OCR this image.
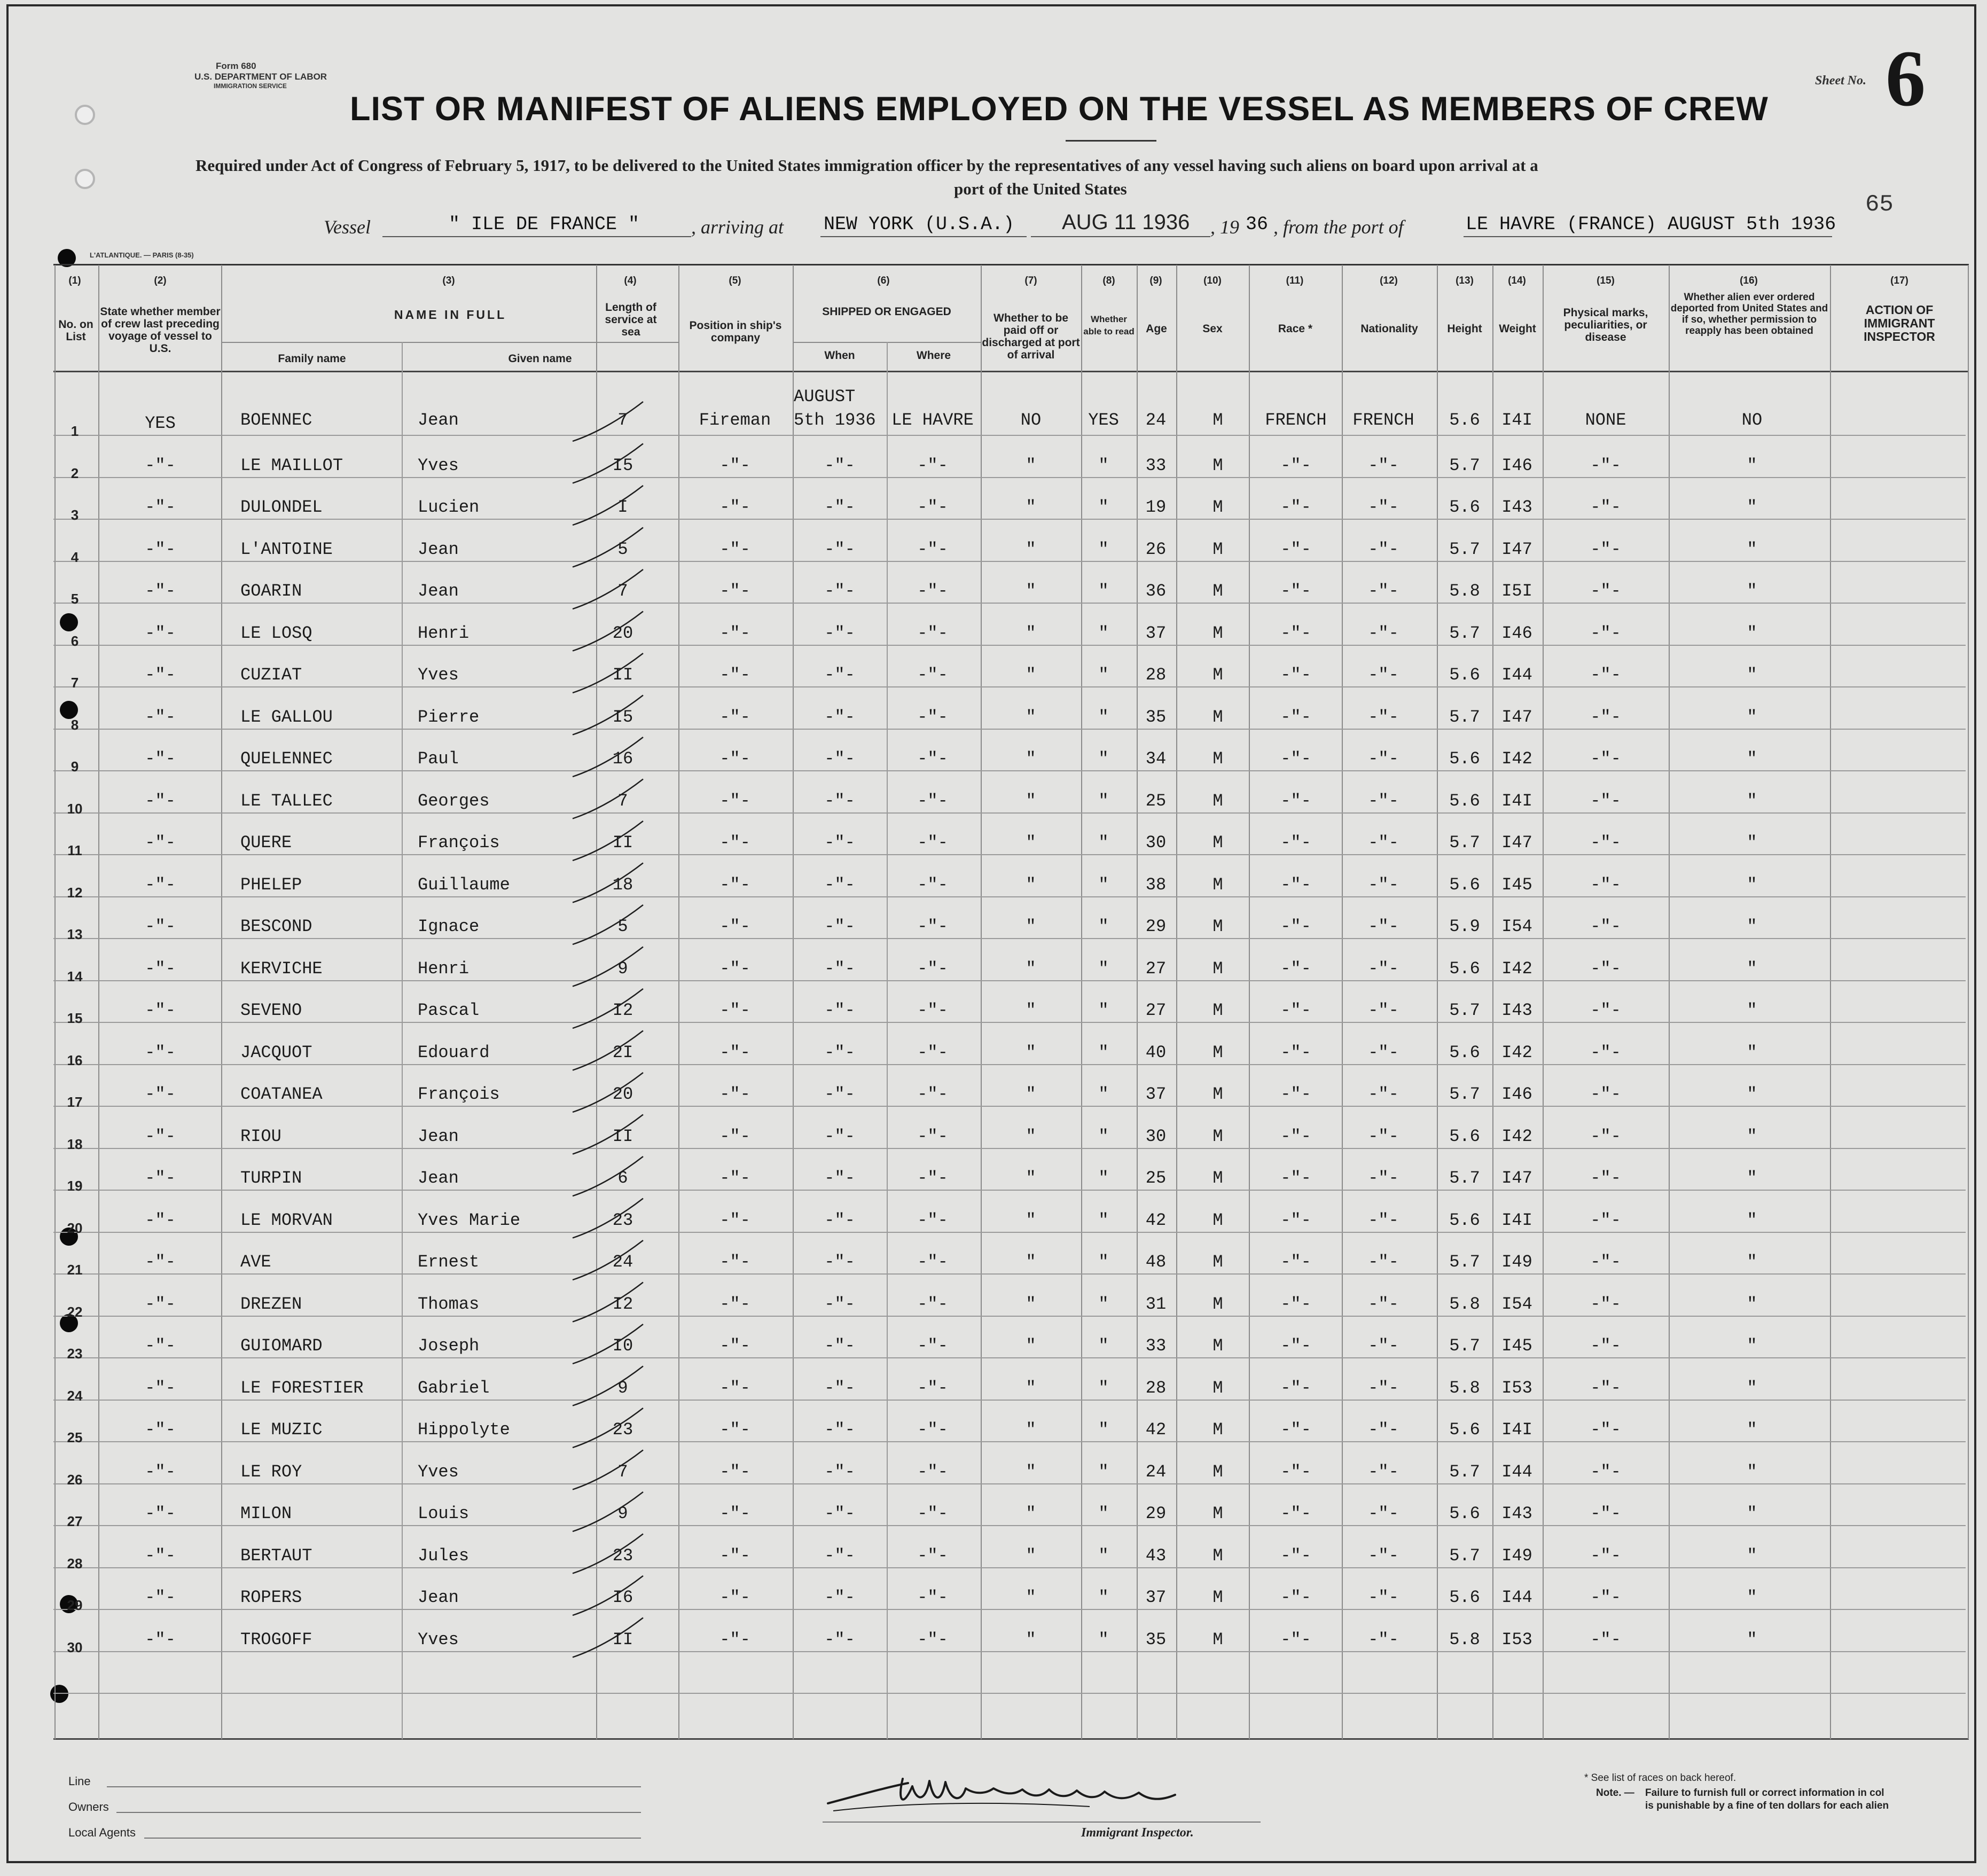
Form 680
U.S. DEPARTMENT OF LABOR
IMMIGRATION SERVICE	Sheet No. 6
65
LIST OR MANIFEST OF ALIENS EMPLOYED ON THE VESSEL AS MEMBERS OF CREW
Required under Act of Congress of February 5, 1917, to be delivered to the United States immigration officer by the representatives of any vessel having such aliens on board upon arrival at a
port of the United States
Vessel	" ILE DE FRANCE "	, arriving at NEW YORK (U.S.A.) AUG 11 1936 , 19 36 , from the port of	LE HAVRE (FRANCE) AUGUST 5th 1936
L'ATLANTIQUE. — PARIS (8-35)
(1)	(2)	(3)	(4)	(5)	(6)	(7)	(8)	(9)	(10)	(11)	(12)	(13)	(14)	(15)	(16)	(17)
No. on List
State whether member of crew last preceding voyage of vessel to U.S.
NAME IN FULL
Family name	Given name
Length of service at sea
Position in ship's company
SHIPPED OR ENGAGED
When	Where
Whether to be paid off or discharged at port of arrival
Whether able to read	Age	Sex	Race *	Nationality	Height	Weight
Physical marks, peculiarities, or disease
Whether alien ever ordered deported from United States and if so, whether permission to reapply has been obtained
ACTION OF IMMIGRANT INSPECTOR
AUGUST
5th 1936
1	YES	BOENNEC	Jean	7	Fireman	LE HAVRE	NO	YES 24	M FRENCH FRENCH 5.6 I4I	NONE	NO
2	-"-	LE MAILLOT	Yves	I5	-"-	-"-	-"-	"	" 33	M	-"-	-"-	5.7 I46	-"-	"
3	-"-	DULONDEL	Lucien	I	-"-	-"-	-"-	"	" 19	M	-"-	-"-	5.6 I43	-"-	"
4	-"-	L'ANTOINE	Jean	5	-"-	-"-	-"-	"	" 26	M	-"-	-"-	5.7 I47	-"-	"
5	-"-	GOARIN	Jean	7	-"-	-"-	-"-	"	" 36	M	-"-	-"-	5.8 I5I	-"-	"
6	-"-	LE LOSQ	Henri	20	-"-	-"-	-"-	"	" 37	M	-"-	-"-	5.7 I46	-"-	"
7	-"-	CUZIAT	Yves	II	-"-	-"-	-"-	"	" 28	M	-"-	-"-	5.6 I44	-"-	"
8	-"-	LE GALLOU	Pierre	I5	-"-	-"-	-"-	"	" 35	M	-"-	-"-	5.7 I47	-"-	"
9	-"-	QUELENNEC	Paul	16	-"-	-"-	-"-	"	" 34	M	-"-	-"-	5.6 I42	-"-	"
10	-"-	LE TALLEC	Georges	7	-"-	-"-	-"-	"	" 25	M	-"-	-"-	5.6 I4I	-"-	"
11	-"-	QUERE	François	II	-"-	-"-	-"-	"	" 30	M	-"-	-"-	5.7 I47	-"-	"
12	-"-	PHELEP	Guillaume	18	-"-	-"-	-"-	"	" 38	M	-"-	-"-	5.6 I45	-"-	"
13	-"-	BESCOND	Ignace	5	-"-	-"-	-"-	"	" 29	M	-"-	-"-	5.9 I54	-"-	"
14	-"-	KERVICHE	Henri	9	-"-	-"-	-"-	"	" 27	M	-"-	-"-	5.6 I42	-"-	"
15	-"-	SEVENO	Pascal	I2	-"-	-"-	-"-	"	" 27	M	-"-	-"-	5.7 I43	-"-	"
16	-"-	JACQUOT	Edouard	2I	-"-	-"-	-"-	"	" 40	M	-"-	-"-	5.6 I42	-"-	"
17	-"-	COATANEA	François	20	-"-	-"-	-"-	"	" 37	M	-"-	-"-	5.7 I46	-"-	"
18	-"-	RIOU	Jean	II	-"-	-"-	-"-	"	" 30	M	-"-	-"-	5.6 I42	-"-	"
19	-"-	TURPIN	Jean	6	-"-	-"-	-"-	"	" 25	M	-"-	-"-	5.7 I47	-"-	"
20	-"-	LE MORVAN	Yves Marie	23	-"-	-"-	-"-	"	" 42	M	-"-	-"-	5.6 I4I	-"-	"
21	-"-	AVE	Ernest	24	-"-	-"-	-"-	"	" 48	M	-"-	-"-	5.7 I49	-"-	"
22	-"-	DREZEN	Thomas	I2	-"-	-"-	-"-	"	" 31	M	-"-	-"-	5.8 I54	-"-	"
23	-"-	GUIOMARD	Joseph	I0	-"-	-"-	-"-	"	" 33	M	-"-	-"-	5.7 I45	-"-	"
24	-"-	LE FORESTIER	Gabriel	9	-"-	-"-	-"-	"	" 28	M	-"-	-"-	5.8 I53	-"-	"
25	-"-	LE MUZIC	Hippolyte	23	-"-	-"-	-"-	"	" 42	M	-"-	-"-	5.6 I4I	-"-	"
26	-"-	LE ROY	Yves	7	-"-	-"-	-"-	"	" 24	M	-"-	-"-	5.7 I44	-"-	"
27	-"-	MILON	Louis	9	-"-	-"-	-"-	"	" 29	M	-"-	-"-	5.6 I43	-"-	"
28	-"-	BERTAUT	Jules	23	-"-	-"-	-"-	"	" 43	M	-"-	-"-	5.7 I49	-"-	"
29	-"-	ROPERS	Jean	I6	-"-	-"-	-"-	"	" 37	M	-"-	-"-	5.6 I44	-"-	"
30	-"-	TROGOFF	Yves	II	-"-	-"-	-"-	"	" 35	M	-"-	-"-	5.8 I53	-"-	"
Line
Owners
Local Agents	Immigrant Inspector.
* See list of races on back hereof.
Note. — Failure to furnish full or correct information in col
is punishable by a fine of ten dollars for each alien
